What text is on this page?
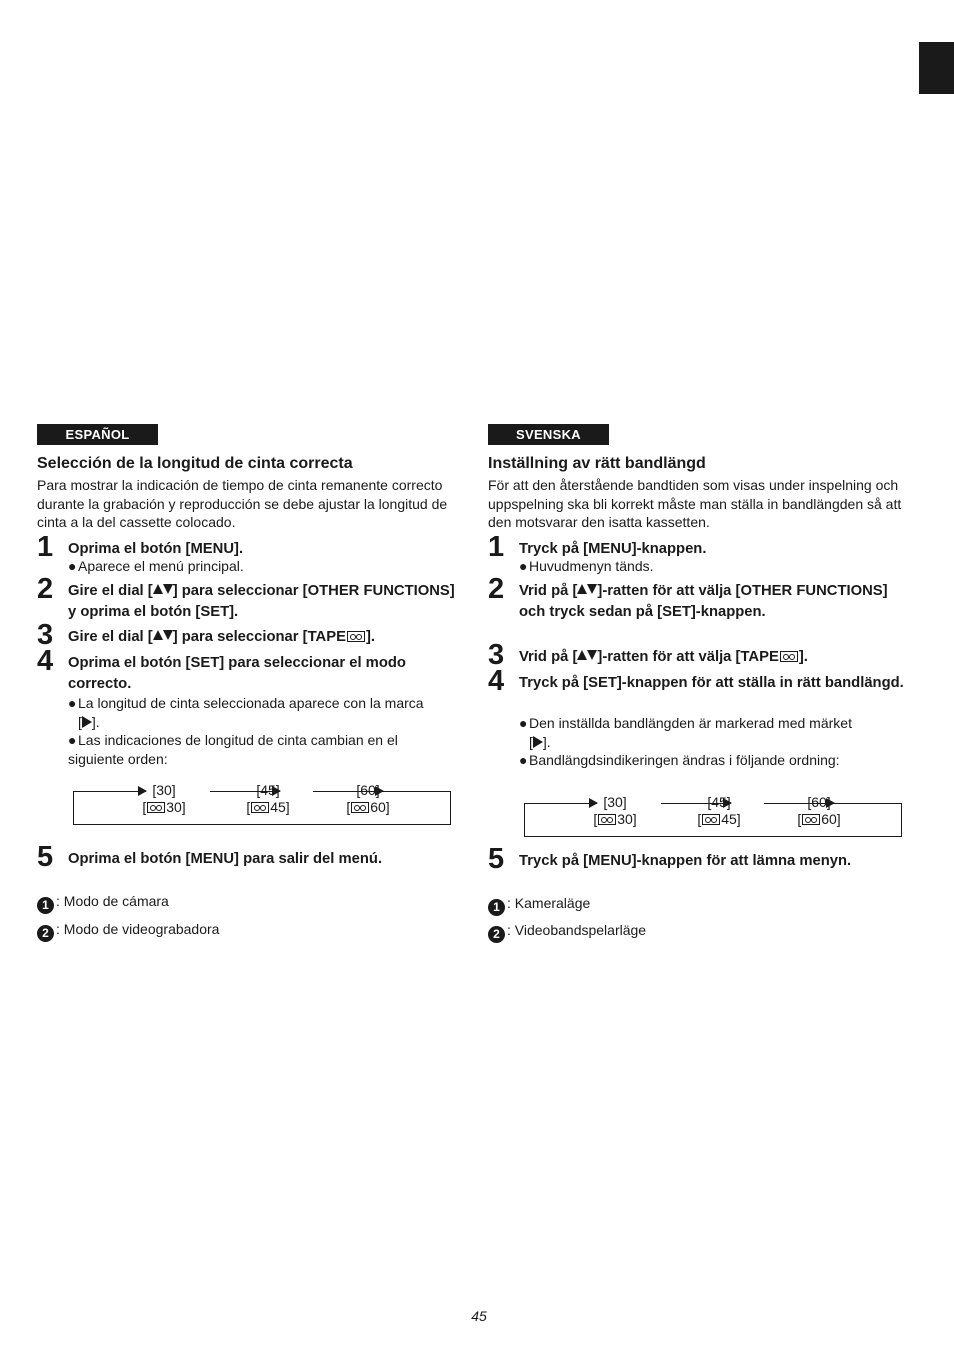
ESPAÑOL
Selección de la longitud de cinta correcta
Para mostrar la indicación de tiempo de cinta remanente correcto durante la grabación y reproducción se debe ajustar la longitud de cinta a la del cassette colocado.
1 Oprima el botón [MENU].
● Aparece el menú principal.
2 Gire el dial [ ] para seleccionar [OTHER FUNCTIONS] y oprima el botón [SET].
3 Gire el dial [ ] para seleccionar [TAPE ].
4 Oprima el botón [SET] para seleccionar el modo correcto.
● La longitud de cinta seleccionada aparece con la marca
[ ].
● Las indicaciones de longitud de cinta cambian en el siguiente orden:
[30]
[ 30]
[45]
[ 45]
[60]
[ 60]
5 Oprima el botón [MENU] para salir del menú.
1 : Modo de cámara
2 : Modo de videograbadora
SVENSKA
Inställning av rätt bandlängd
För att den återstående bandtiden som visas under inspelning och uppspelning ska bli korrekt måste man ställa in bandlängden så att den motsvarar den isatta kassetten.
1 Tryck på [MENU]-knappen.
● Huvudmenyn tänds.
2 Vrid på [ ]-ratten för att välja [OTHER FUNCTIONS] och tryck sedan på [SET]-knappen.
3 Vrid på [ ]-ratten för att välja [TAPE ].
4 Tryck på [SET]-knappen för att ställa in rätt bandlängd.
● Den inställda bandlängden är markerad med märket
[ ].
● Bandlängdsindikeringen ändras i följande ordning:
[30]
[ 30]
[45]
[ 45]
[60]
[ 60]
5 Tryck på [MENU]-knappen för att lämna menyn.
1 : Kameraläge
2 : Videobandspelarläge
45
